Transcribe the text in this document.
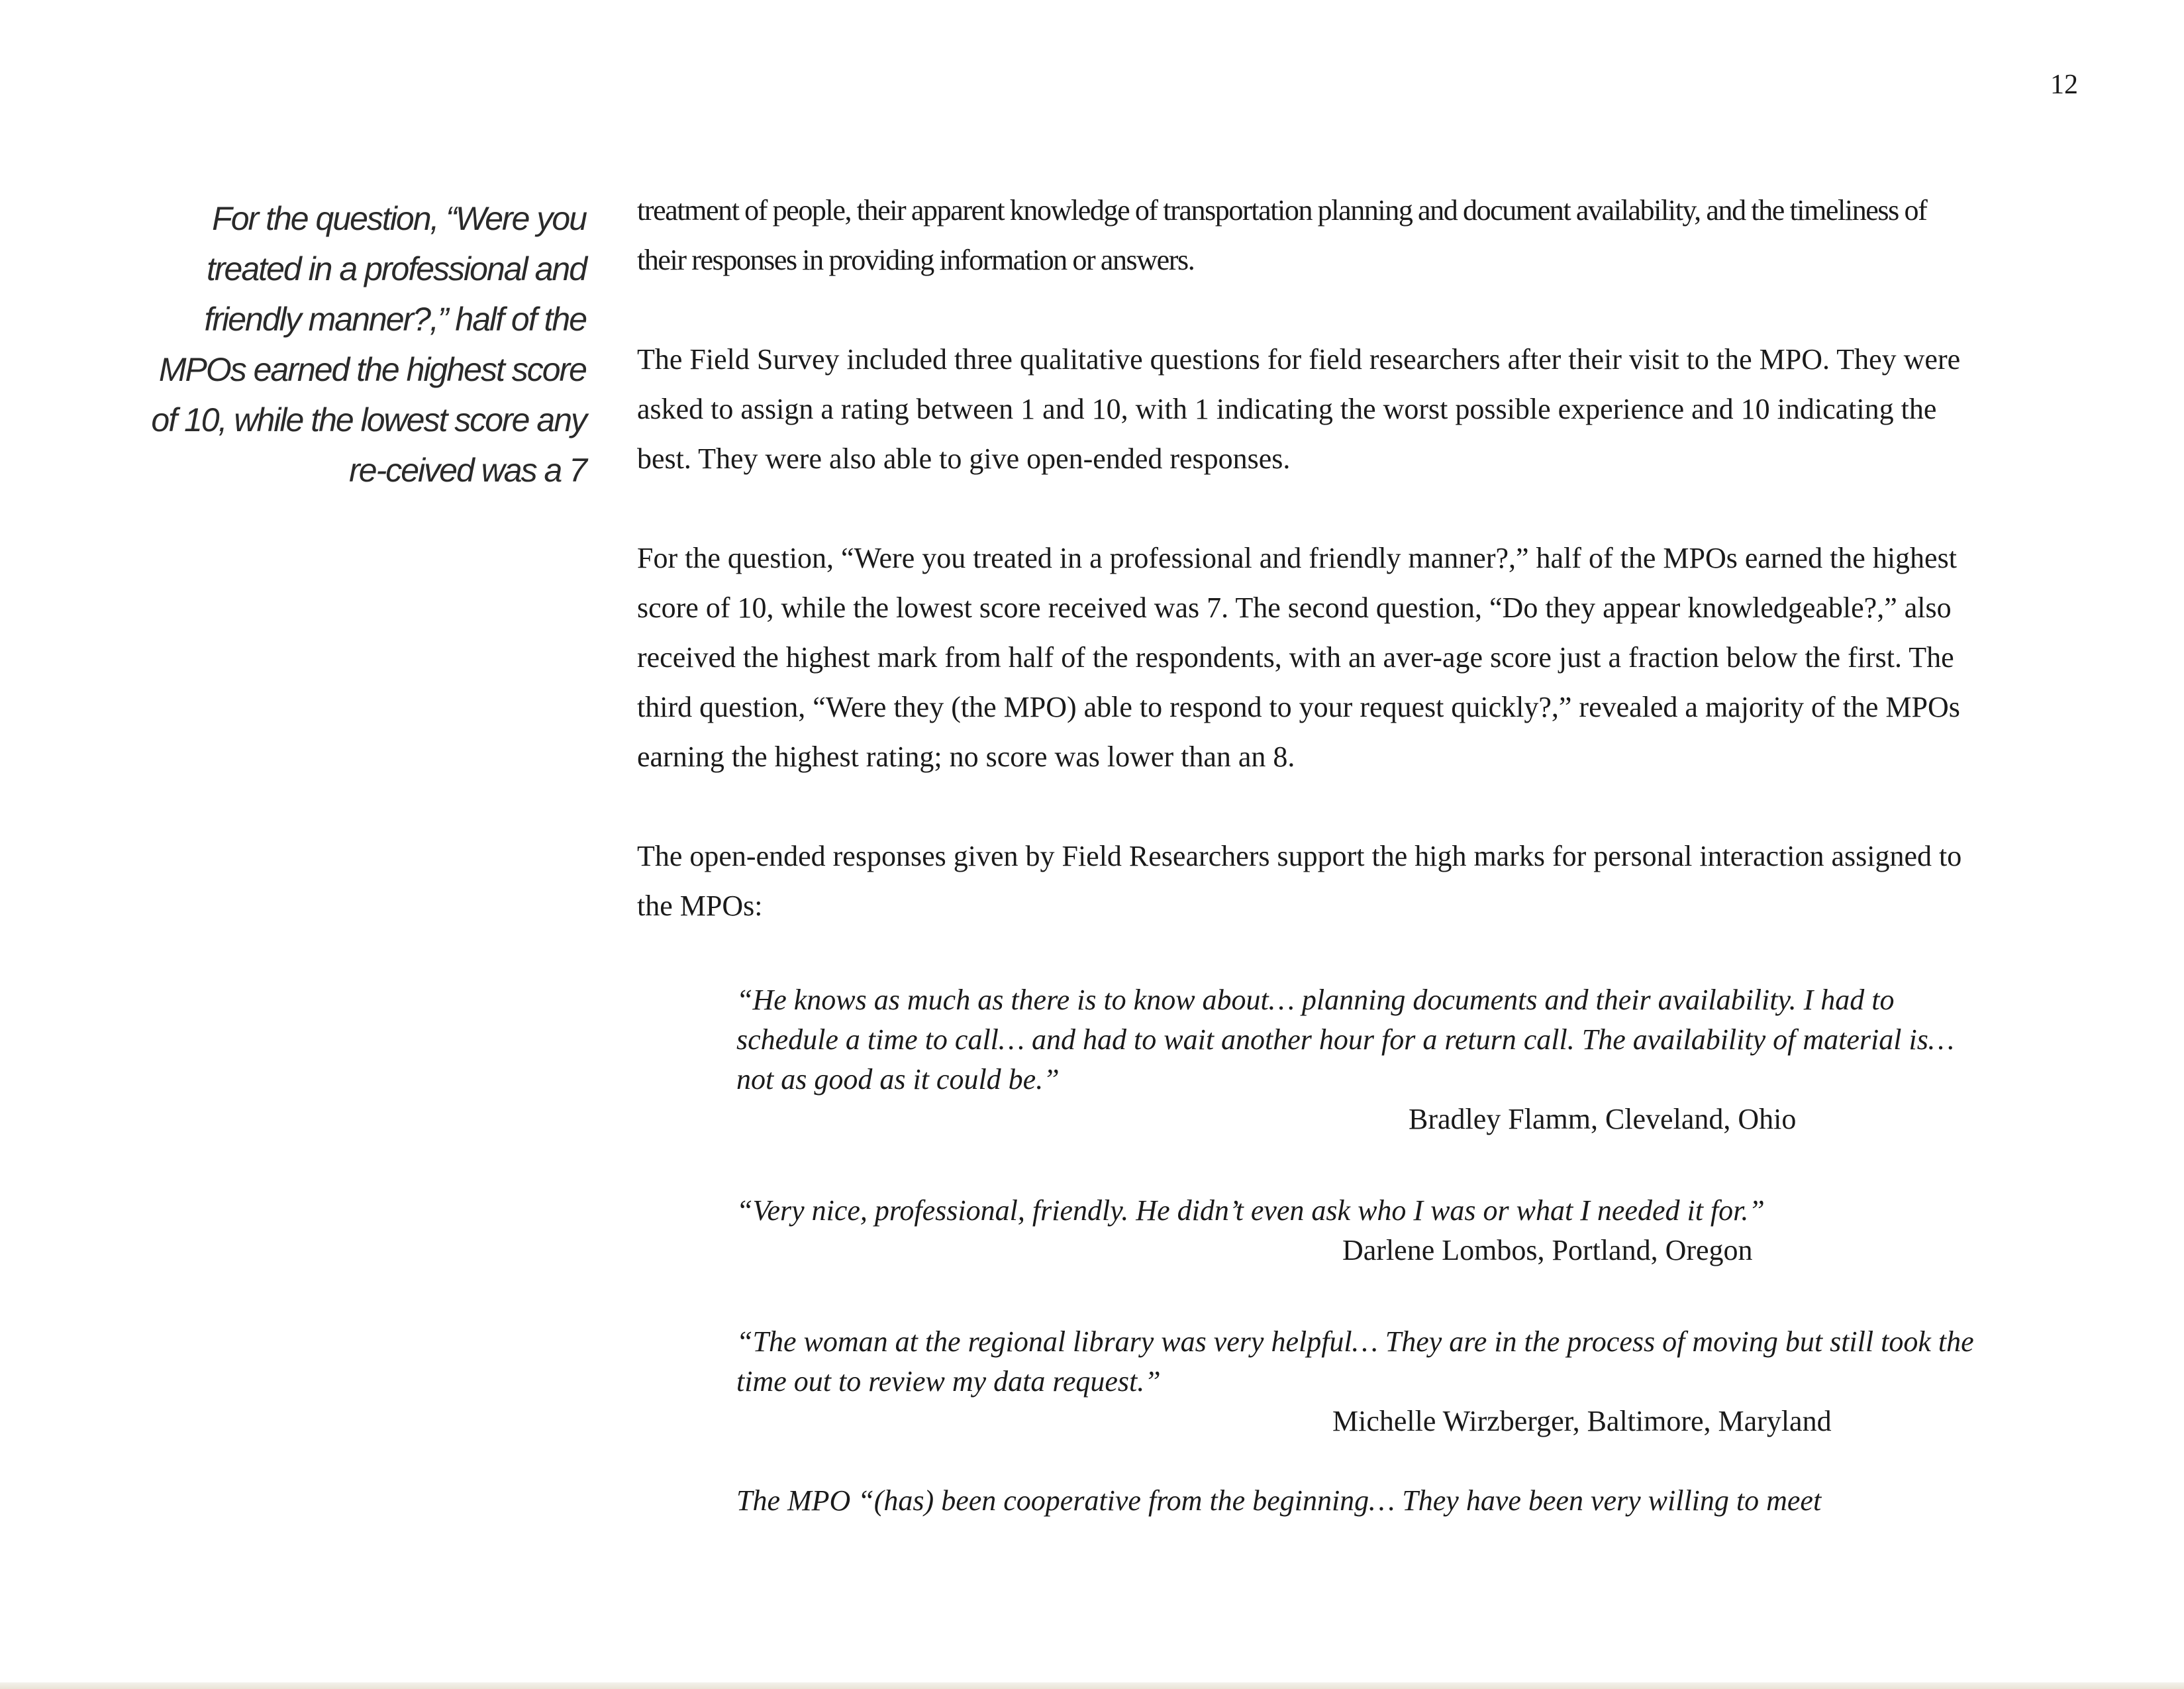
12
For the question, “Were you treated in a professional and friendly manner?,” half of the MPOs earned the highest score of 10, while the lowest score any re-ceived was a 7

treatment of people, their apparent knowledge of transportation planning and document availability, and the timeliness of their responses in providing information or answers.

The Field Survey included three qualitative questions for field researchers after their visit to the MPO. They were asked to assign a rating between 1 and 10, with 1 indicating the worst possible experience and 10 indicating the best. They were also able to give open-ended responses.

For the question, “Were you treated in a professional and friendly manner?,” half of the MPOs earned the highest score of 10, while the lowest score received was 7. The second question, “Do they appear knowledgeable?,” also received the highest mark from half of the respondents, with an aver-age score just a fraction below the first. The third question, “Were they (the MPO) able to respond to your request quickly?,” revealed a majority of the MPOs earning the highest rating; no score was lower than an 8.

The open-ended responses given by Field Researchers support the high marks for personal interaction assigned to the MPOs:

“He knows as much as there is to know about… planning documents and their availability. I had to schedule a time to call… and had to wait another hour for a return call. The availability of material is… not as good as it could be.”
Bradley Flamm, Cleveland, Ohio
“Very nice, professional, friendly. He didn’t even ask who I was or what I needed it for.”
Darlene Lombos, Portland, Oregon
“The woman at the regional library was very helpful… They are in the process of moving but still took the time out to review my data request.”
Michelle Wirzberger, Baltimore, Maryland
The MPO “(has) been cooperative from the beginning… They have been very willing to meet
